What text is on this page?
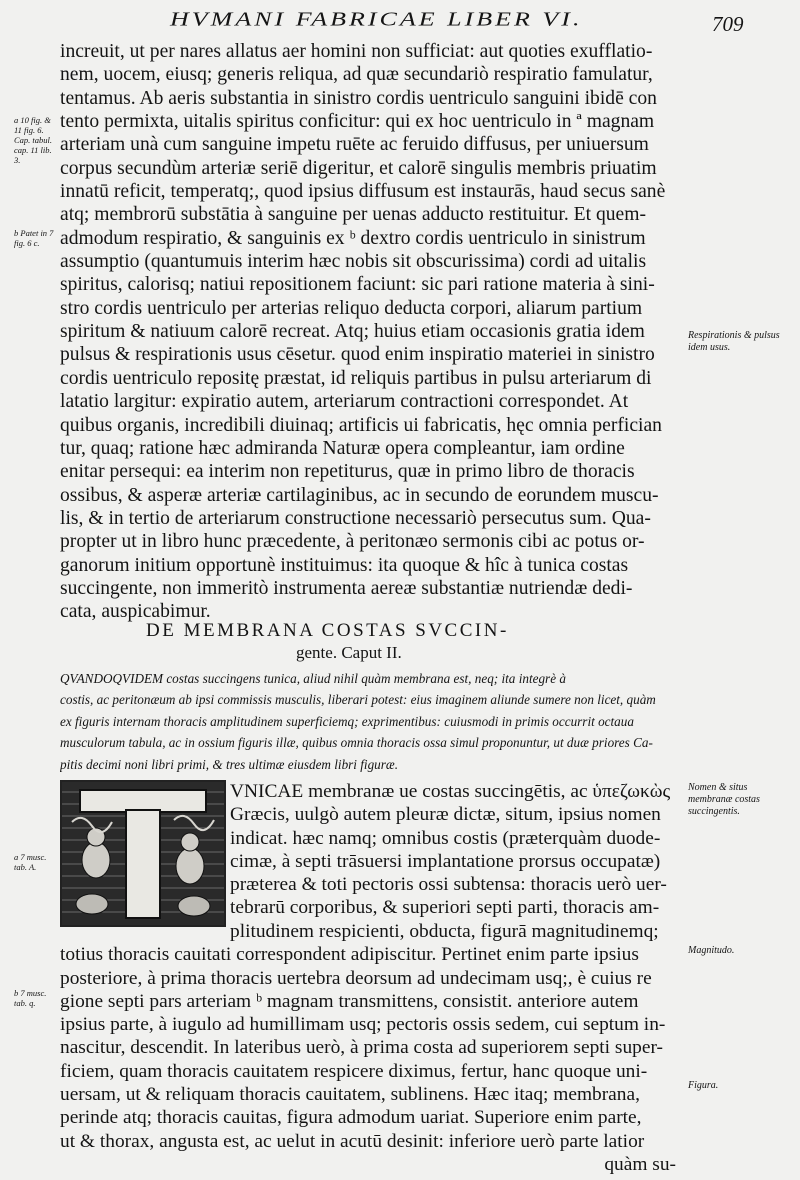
HVMANI FABRICAE LIBER VI.	709
increuit, ut per nares allatus aer homini non sufficiat: aut quoties exufflatio-
nem, uocem, eiusq; generis reliqua, ad quæ secundariò respiratio famulatur,
tentamus. Ab aeris substantia in sinistro cordis uentriculo sanguini ibidē con
tento permixta, uitalis spiritus conficitur: qui ex hoc uentriculo in ª magnam
arteriam unà cum sanguine impetu ruēte ac feruido diffusus, per uniuersum
corpus secundùm arteriæ seriē digeritur, et calorē singulis membris priuatim
innatū reficit, temperatq;, quod ipsius diffusum est instaurās, haud secus sanè
atq; membrorū substātia à sanguine per uenas adducto restituitur. Et quem-
admodum respiratio, & sanguinis ex ᵇ dextro cordis uentriculo in sinistrum
assumptio (quantumuis interim hæc nobis sit obscurissima) cordi ad uitalis
spiritus, calorisq; natiui repositionem faciunt: sic pari ratione materia à sini-
stro cordis uentriculo per arterias reliquo deducta corpori, aliarum partium
spiritum & natiuum calorē recreat. Atq; huius etiam occasionis gratia idem
pulsus & respirationis usus cēsetur. quod enim inspiratio materiei in sinistro
cordis uentriculo repositę præstat, id reliquis partibus in pulsu arteriarum di
latatio largitur: expiratio autem, arteriarum contractioni correspondet. At
quibus organis, incredibili diuinaq; artificis ui fabricatis, hęc omnia perfician
tur, quaq; ratione hæc admiranda Naturæ opera compleantur, iam ordine
enitar persequi: ea interim non repetiturus, quæ in primo libro de thoracis
ossibus, & asperæ arteriæ cartilaginibus, ac in secundo de eorundem muscu-
lis, & in tertio de arteriarum constructione necessariò persecutus sum. Qua-
propter ut in libro hunc præcedente, à peritonæo sermonis cibi ac potus or-
ganorum initium opportunè instituimus: ita quoque & hîc à tunica costas
succingente, non immeritò instrumenta aereæ substantiæ nutriendæ dedi-
cata, auspicabimur.
a 10 fig. & 11 fig. 6. Cap. tabul. cap. 11 lib. 3.
b Patet in 7 fig. 6 c.
Respirationis & pulsus idem usus.
Nomen & situs membranæ costas succingentis.
Magnitudo.
Figura.
DE MEMBRANA COSTAS SVCCIN-
gente. Caput II.
QVANDOQVIDEM costas succingens tunica, aliud nihil quàm membrana est, neq; ita integrè à
costis, ac peritonæum ab ipsi commissis musculis, liberari potest: eius imaginem aliunde sumere non licet, quàm
ex figuris internam thoracis amplitudinem superficiemq; exprimentibus: cuiusmodi in primis occurrit octaua
musculorum tabula, ac in ossium figuris illæ, quibus omnia thoracis ossa simul proponuntur, ut duæ priores Ca-
pitis decimi noni libri primi, & tres ultimæ eiusdem libri figuræ.
VNICAE membranæ ue costas succingētis, ac ὑπεζωκὼς
Græcis, uulgò autem pleuræ dictæ, situm, ipsius nomen
indicat. hæc namq; omnibus costis (præterquàm duode-
cimæ, à septi trāsuersi implantatione prorsus occupatæ)
præterea & toti pectoris ossi subtensa: thoracis uerò uer-
tebrarū corporibus, & superiori septi parti, thoracis am-
plitudinem respicienti, obducta, figurā magnitudinemq;
totius thoracis cauitati correspondent adipiscitur. Pertinet enim parte ipsius
posteriore, à prima thoracis uertebra deorsum ad undecimam usq;, è cuius re
gione septi pars arteriam ᵇ magnam transmittens, consistit. anteriore autem
ipsius parte, à iugulo ad humillimam usq; pectoris ossis sedem, cui septum in-
nascitur, descendit. In lateribus uerò, à prima costa ad superiorem septi super-
ficiem, quam thoracis cauitatem respicere diximus, fertur, hanc quoque uni-
uersam, ut & reliquam thoracis cauitatem, sublinens. Hæc itaq; membrana,
perinde atq; thoracis cauitas, figura admodum uariat. Superiore enim parte,
ut & thorax, angusta est, ac uelut in acutū desinit: inferiore uerò parte latior
quàm su-
a 7 musc. tab. A.
b 7 musc. tab. q.
